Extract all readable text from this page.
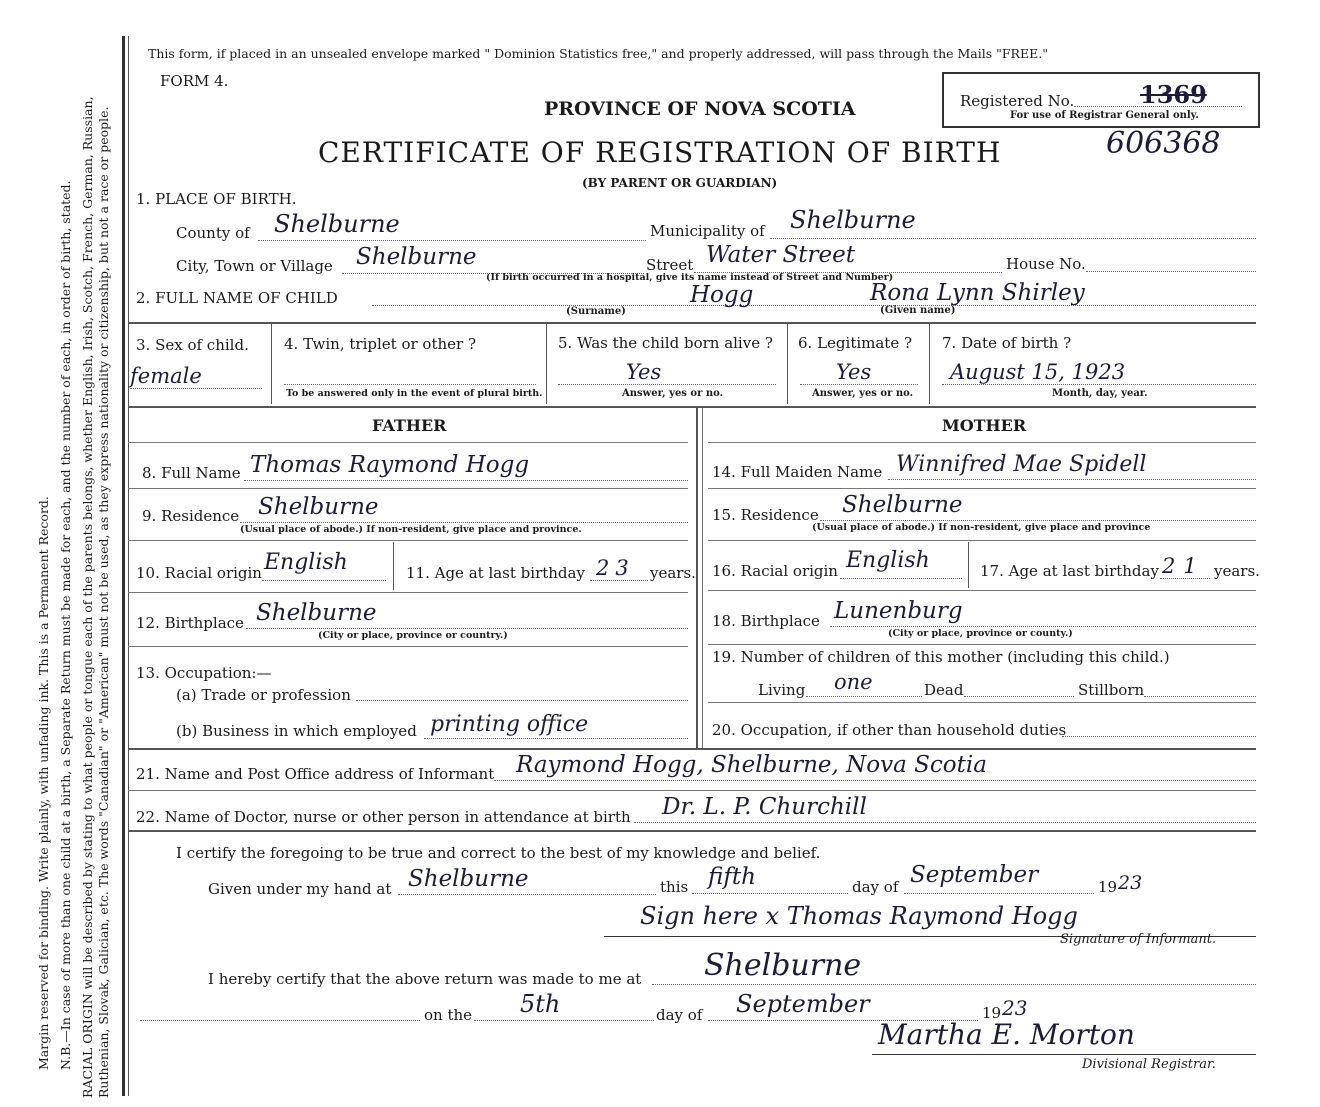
Margin reserved for binding. Write plainly, with unfading ink. This is a Permanent Record. N.B.—In case of more than one child at a birth, a Separate Return must be made for each, and the number of each, in order of birth, stated. RACIAL ORIGIN will be described by stating to what people or tongue each of the parents belongs, whether English, Irish, Scotch, French, German, Russian, Ruthenian, Slovak, Galician, etc. The words "Canadian" or "American" must not be used, as they express nationality or citizenship, but not a race or people.
This form, if placed in an unsealed envelope marked " Dominion Statistics free," and properly addressed, will pass through the Mails "FREE."
FORM 4.
PROVINCE OF NOVA SCOTIA	Registered No.	1369
For use of Registrar General only.
CERTIFICATE OF REGISTRATION OF BIRTH	606368
(BY PARENT OR GUARDIAN)
1. PLACE OF BIRTH.
County of Shelburne	Municipality of Shelburne
City, Town or Village Shelburne	Street Water Street	House No.
(If birth occurred in a hospital, give its name instead of Street and Number)
2. FULL NAME OF CHILD	Hogg	Rona Lynn Shirley
(Surname)	(Given name)
3. Sex of child.
female
4. Twin, triplet or other ?
To be answered only in the event of plural birth.
5. Was the child born alive ?
Yes
Answer, yes or no.
6. Legitimate ?
Yes
Answer, yes or no.
7. Date of birth ?
August 15, 1923
Month, day, year.
FATHER	MOTHER
8. Full Name Thomas Raymond Hogg
9. Residence Shelburne
(Usual place of abode.) If non-resident, give place and province.
10. Racial origin English	11. Age at last birthday 23 years.
12. Birthplace Shelburne
(City or place, province or country.)
13. Occupation:—
(a) Trade or profession
(b) Business in which employed printing office
14. Full Maiden Name Winnifred Mae Spidell
15. Residence Shelburne
(Usual place of abode.) If non-resident, give place and province
16. Racial origin English	17. Age at last birthday 21 years.
18. Birthplace Lunenburg
(City or place, province or county.)
19. Number of children of this mother (including this child.)
Living one	Dead	Stillborn
20. Occupation, if other than household duties
21. Name and Post Office address of Informant Raymond Hogg, Shelburne, Nova Scotia
22. Name of Doctor, nurse or other person in attendance at birth Dr. L. P. Churchill
I certify the foregoing to be true and correct to the best of my knowledge and belief.
Given under my hand at Shelburne	this fifth	day of September	19 23
Sign here x Thomas Raymond Hogg
Signature of Informant.
I hereby certify that the above return was made to me at Shelburne
on the 5th	day of September	19 23
Martha E. Morton
Divisional Registrar.
